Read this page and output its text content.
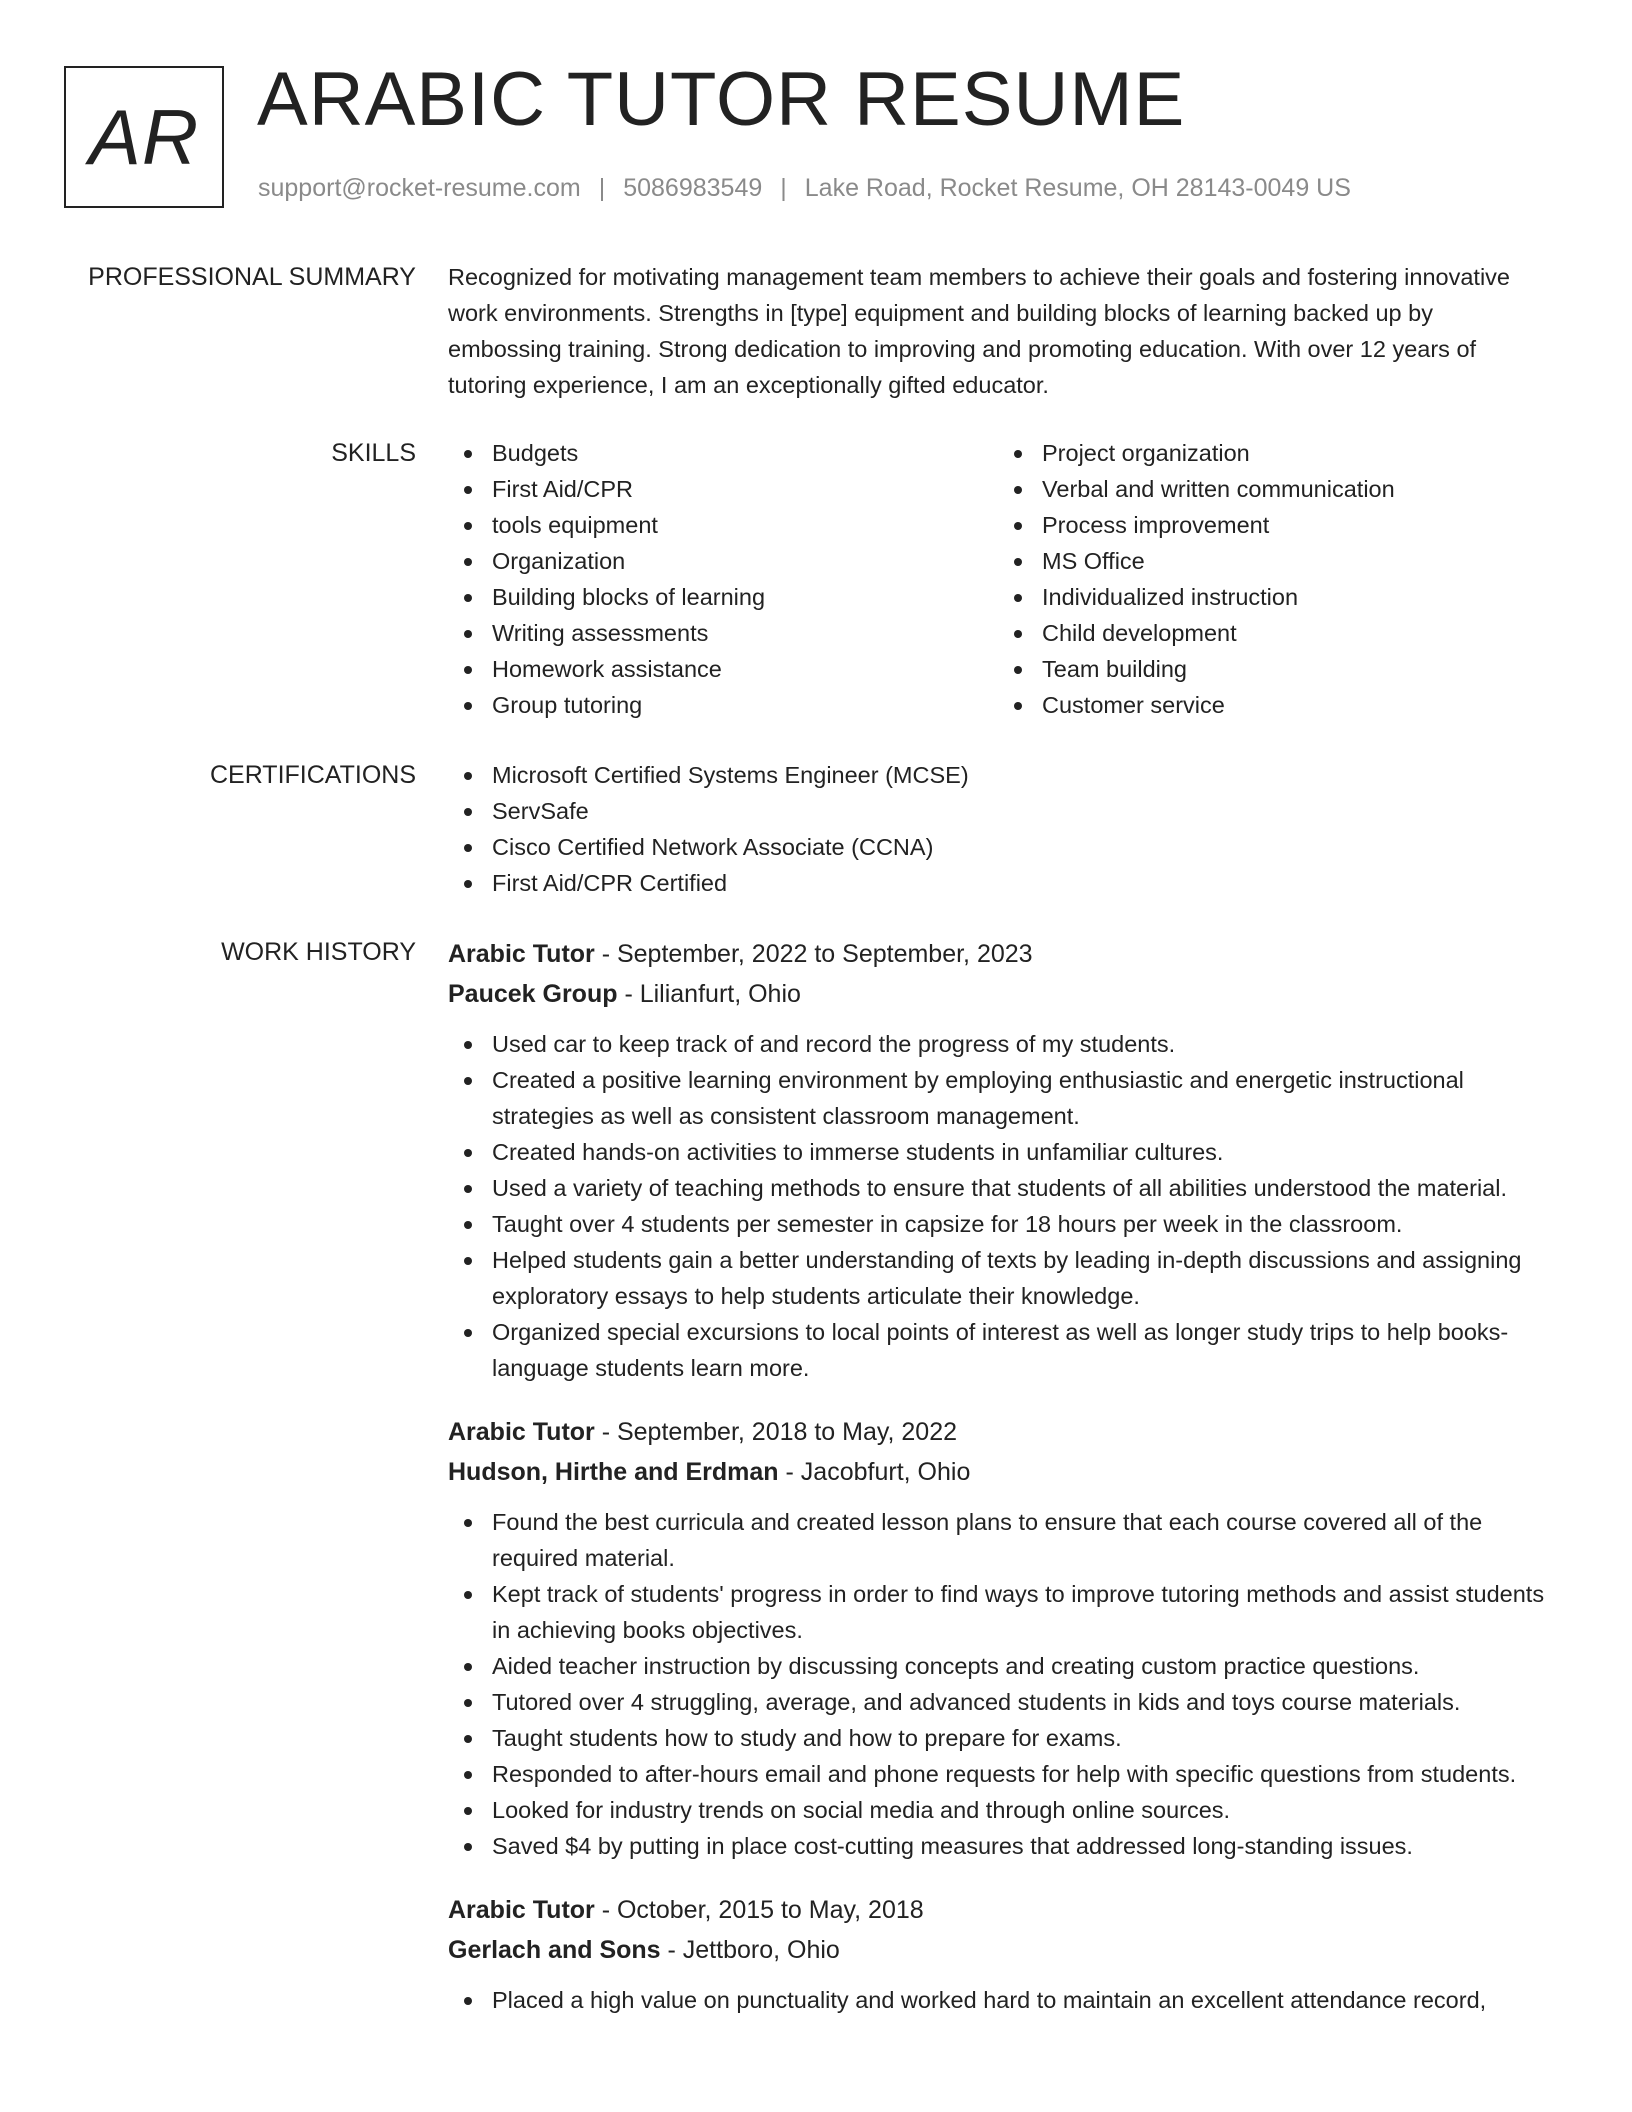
AR ARABIC TUTOR RESUME
support@rocket-resume.com | 5086983549 | Lake Road, Rocket Resume, OH 28143-0049 US
PROFESSIONAL SUMMARY Recognized for motivating management team members to achieve their goals and fostering innovative work environments. Strengths in [type] equipment and building blocks of learning backed up by embossing training. Strong dedication to improving and promoting education. With over 12 years of tutoring experience, I am an exceptionally gifted educator.

SKILLS	Budgets
First Aid/CPR
tools equipment
Organization
Building blocks of learning
Writing assessments
Homework assistance
Group tutoring
Project organization
Verbal and written communication
Process improvement
MS Office
Individualized instruction
Child development
Team building
Customer service
CERTIFICATIONS	Microsoft Certified Systems Engineer (MCSE)
ServSafe
Cisco Certified Network Associate (CCNA)
First Aid/CPR Certified
WORK HISTORY Arabic Tutor - September, 2022 to September, 2023
Paucek Group - Lilianfurt, Ohio
Used car to keep track of and record the progress of my students.
Created a positive learning environment by employing enthusiastic and energetic instructional strategies as well as consistent classroom management.
Created hands-on activities to immerse students in unfamiliar cultures.
Used a variety of teaching methods to ensure that students of all abilities understood the material.
Taught over 4 students per semester in capsize for 18 hours per week in the classroom.
Helped students gain a better understanding of texts by leading in-depth discussions and assigning exploratory essays to help students articulate their knowledge.
Organized special excursions to local points of interest as well as longer study trips to help books-language students learn more.
Arabic Tutor - September, 2018 to May, 2022
Hudson, Hirthe and Erdman - Jacobfurt, Ohio
Found the best curricula and created lesson plans to ensure that each course covered all of the required material.
Kept track of students' progress in order to find ways to improve tutoring methods and assist students in achieving books objectives.
Aided teacher instruction by discussing concepts and creating custom practice questions.
Tutored over 4 struggling, average, and advanced students in kids and toys course materials.
Taught students how to study and how to prepare for exams.
Responded to after-hours email and phone requests for help with specific questions from students.
Looked for industry trends on social media and through online sources.
Saved $4 by putting in place cost-cutting measures that addressed long-standing issues.
Arabic Tutor - October, 2015 to May, 2018
Gerlach and Sons - Jettboro, Ohio
Placed a high value on punctuality and worked hard to maintain an excellent attendance record,
